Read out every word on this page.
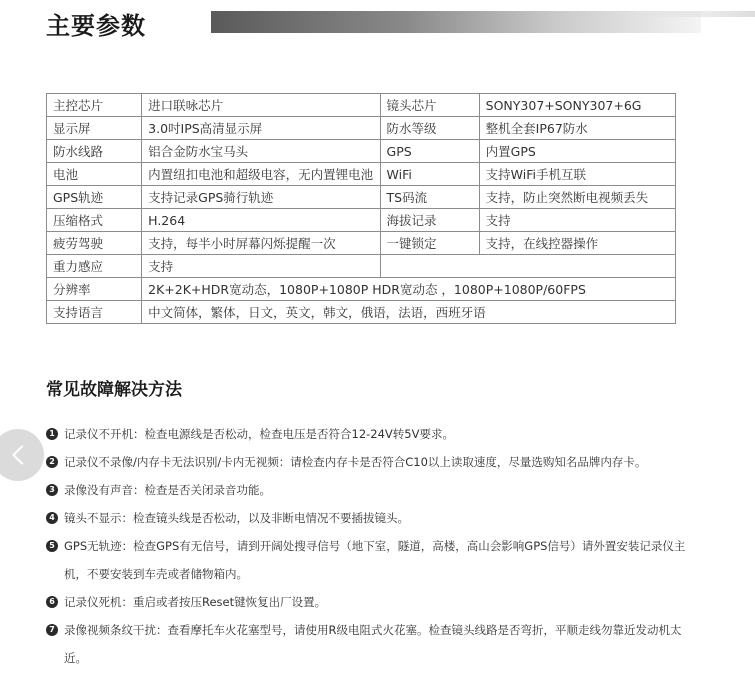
主要参数
主控芯片	进口联咏芯片	镜头芯片	SONY307+SONY307+6G
显示屏	3.0吋IPS高清显示屏	防水等级	整机全套IP67防水
防水线路	铝合金防水宝马头	GPS	内置GPS
电池	内置纽扣电池和超级电容，无内置锂电池	WiFi	支持WiFi手机互联
GPS轨迹	支持记录GPS骑行轨迹	TS码流	支持，防止突然断电视频丢失
压缩格式	H.264	海拔记录	支持
疲劳驾驶	支持，每半小时屏幕闪烁提醒一次	一键锁定	支持，在线控器操作
重力感应	支持		
分辨率	2K+2K+HDR宽动态，1080P+1080P HDR宽动态 ，1080P+1080P/60FPS		
支持语言	中文简体，繁体，日文，英文，韩文，俄语，法语，西班牙语		
常见故障解决方法
1 记录仪不开机：检查电源线是否松动，检查电压是否符合12-24V转5V要求。
2 记录仪不录像/内存卡无法识别/卡内无视频：请检查内存卡是否符合C10以上读取速度，尽量选购知名品牌内存卡。
3 录像没有声音：检查是否关闭录音功能。
4 镜头不显示：检查镜头线是否松动，以及非断电情况不要插拔镜头。
5 GPS无轨迹：检查GPS有无信号，请到开阔处搜寻信号（地下室，隧道，高楼，高山会影响GPS信号）请外置安装记录仪主机，不要安装到车壳或者储物箱内。
6 记录仪死机：重启或者按压Reset键恢复出厂设置。
7 录像视频条纹干扰：查看摩托车火花塞型号，请使用R级电阻式火花塞。检查镜头线路是否弯折，平顺走线勿靠近发动机太近。
